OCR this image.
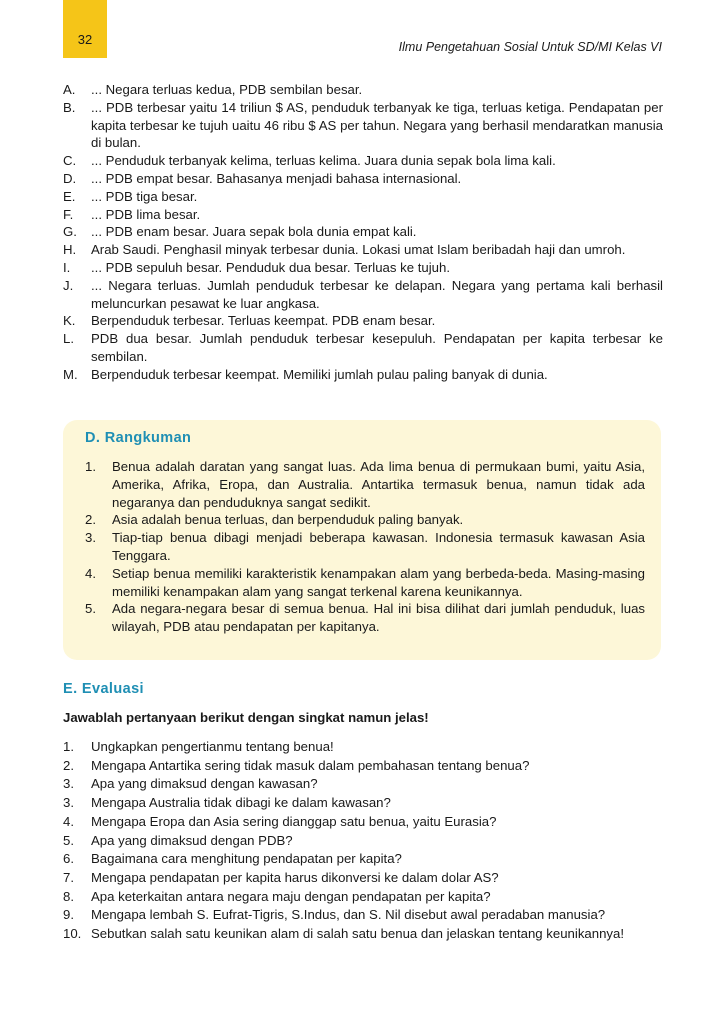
32	Ilmu Pengetahuan Sosial Untuk SD/MI Kelas VI
A. ... Negara terluas kedua, PDB sembilan besar.
B. ... PDB terbesar yaitu 14 triliun $ AS, penduduk terbanyak ke tiga, terluas ketiga. Pendapatan per kapita terbesar ke tujuh uaitu 46 ribu $ AS per tahun. Negara yang berhasil mendaratkan manusia di bulan.
C. ... Penduduk terbanyak kelima, terluas kelima. Juara dunia sepak bola lima kali.
D. ... PDB empat besar. Bahasanya menjadi bahasa internasional.
E. ... PDB tiga besar.
F. ... PDB lima besar.
G. ... PDB enam besar. Juara sepak bola dunia empat kali.
H. Arab Saudi. Penghasil minyak terbesar dunia. Lokasi umat Islam beribadah haji dan umroh.
I. ... PDB sepuluh besar. Penduduk dua besar. Terluas ke tujuh.
J. ... Negara terluas. Jumlah penduduk terbesar ke delapan. Negara yang pertama kali berhasil meluncurkan pesawat ke luar angkasa.
K. Berpenduduk terbesar. Terluas keempat. PDB enam besar.
L. PDB dua besar. Jumlah penduduk terbesar kesepuluh. Pendapatan per kapita terbesar ke sembilan.
M. Berpenduduk terbesar keempat. Memiliki jumlah pulau paling banyak di dunia.
D. Rangkuman
1. Benua adalah daratan yang sangat luas. Ada lima benua di permukaan bumi, yaitu Asia, Amerika, Afrika, Eropa, dan Australia. Antartika termasuk benua, namun tidak ada negaranya dan penduduknya sangat sedikit.
2. Asia adalah benua terluas, dan berpenduduk paling banyak.
3. Tiap-tiap benua dibagi menjadi beberapa kawasan. Indonesia termasuk kawasan Asia Tenggara.
4. Setiap benua memiliki karakteristik kenampakan alam yang berbeda-beda. Masing-masing memiliki kenampakan alam yang sangat terkenal karena keunikannya.
5. Ada negara-negara besar di semua benua. Hal ini bisa dilihat dari jumlah penduduk, luas wilayah, PDB atau pendapatan per kapitanya.
E. Evaluasi
Jawablah pertanyaan berikut dengan singkat namun jelas!
1. Ungkapkan pengertianmu tentang benua!
2. Mengapa Antartika sering tidak masuk dalam pembahasan tentang benua?
3. Apa yang dimaksud dengan kawasan?
3. Mengapa Australia tidak dibagi ke dalam kawasan?
4. Mengapa Eropa dan Asia sering dianggap satu benua, yaitu Eurasia?
5. Apa yang dimaksud dengan PDB?
6. Bagaimana cara menghitung pendapatan per kapita?
7. Mengapa pendapatan per kapita harus dikonversi ke dalam dolar AS?
8. Apa keterkaitan antara negara maju dengan pendapatan per kapita?
9. Mengapa lembah S. Eufrat-Tigris, S.Indus, dan S. Nil disebut awal peradaban manusia?
10. Sebutkan salah satu keunikan alam di salah satu benua dan jelaskan tentang keunikannya!
